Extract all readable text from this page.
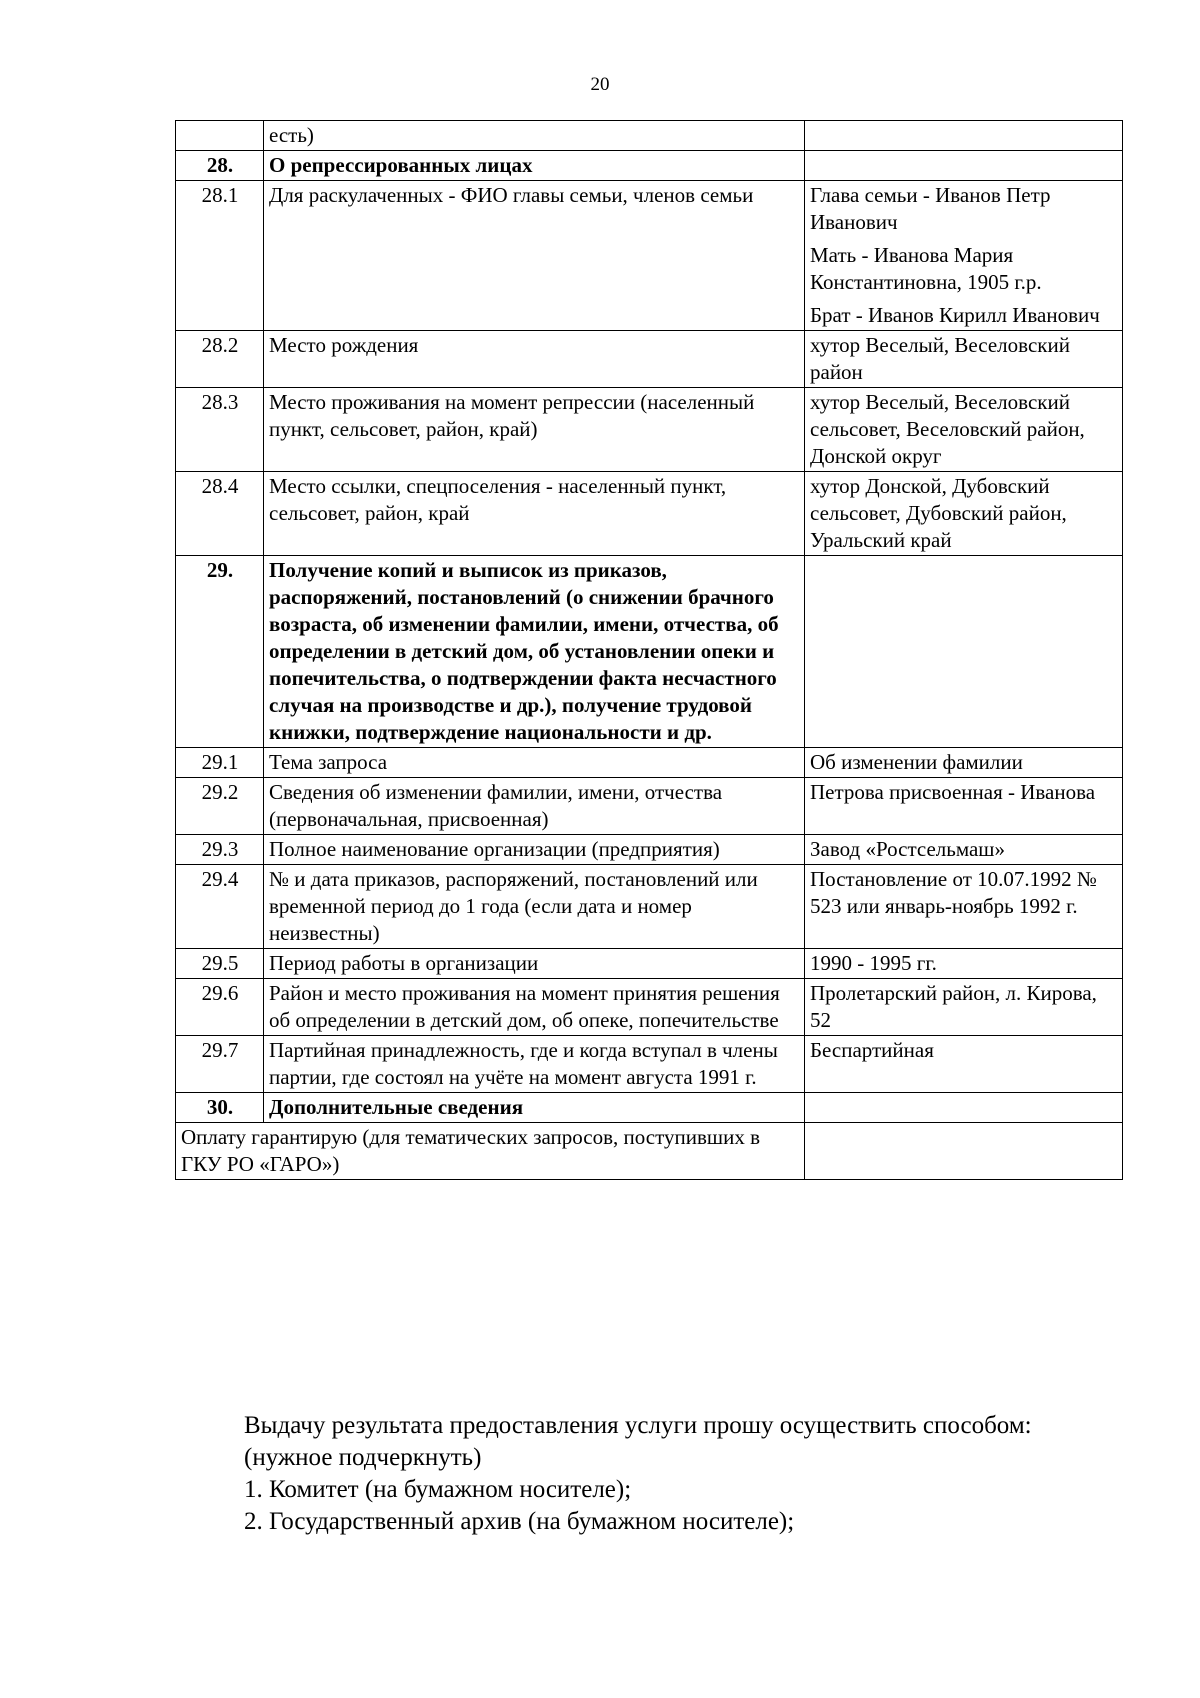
20
	есть)	

28.	О репрессированных лицах	

28.1	Для раскулаченных - ФИО главы семьи, членов семьи	Глава семьи - Иванов Петр Иванович
Мать - Иванова Мария Константиновна, 1905 г.р.
Брат - Иванов Кирилл Иванович

28.2	Место рождения	хутор Веселый, Веселовский район

28.3	Место проживания на момент репрессии (населенный пункт, сельсовет, район, край)	хутор Веселый, Веселовский сельсовет, Веселовский район, Донской округ

28.4	Место ссылки, спецпоселения - населенный пункт, сельсовет, район, край	хутор Донской, Дубовский сельсовет, Дубовский район, Уральский край

29.	Получение копий и выписок из приказов, распоряжений, постановлений (о снижении брачного возраста, об изменении фамилии, имени, отчества, об определении в детский дом, об установлении опеки и попечительства, о подтверждении факта несчастного случая на производстве и др.), получение трудовой книжки, подтверждение национальности и др.	

29.1	Тема запроса	Об изменении фамилии

29.2	Сведения об изменении фамилии, имени, отчества (первоначальная, присвоенная)	Петрова присвоенная - Иванова

29.3	Полное наименование организации (предприятия)	Завод «Ростсельмаш»

29.4	№ и дата приказов, распоряжений, постановлений или временной период до 1 года (если дата и номер неизвестны)	Постановление от 10.07.1992 № 523 или январь-ноябрь 1992 г.

29.5	Период работы в организации	1990 - 1995 гг.

29.6	Район и место проживания на момент принятия решения об определении в детский дом, об опеке, попечительстве	Пролетарский район, л. Кирова, 52

29.7	Партийная принадлежность, где и когда вступал в члены партии, где состоял на учёте на момент августа 1991 г.	Беспартийная

30.	Дополнительные сведения	

Оплату гарантирую (для тематических запросов, поступивших в ГКУ РО «ГАРО»)		

Выдачу результата предоставления услуги прошу осуществить способом:

(нужное подчеркнуть)

1. Комитет (на бумажном носителе);

2. Государственный архив (на бумажном носителе);
